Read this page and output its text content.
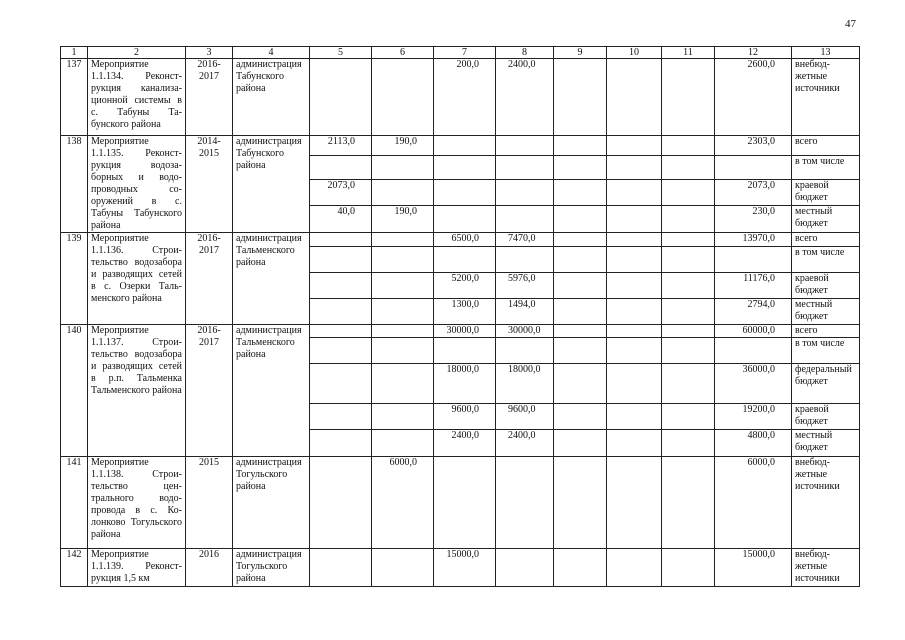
47
1	2	3	4	5	6	7	8	9	10	11	12	13
137	Мероприятие 1.1.134. Реконструкция канализационной системы в с. Табуны Табунского района	2016-2017	администрация Табунского района			200,0	2400,0				2600,0	внебюджетные источники
138	Мероприятие 1.1.135. Реконструкция водозаборных и водопроводных сооружений в с. Табуны Табунского района	2014-2015	администрация Табунского района	2113,0	190,0						2303,0	всего
												в том числе
				2073,0							2073,0	краевой бюджет
				40,0	190,0						230,0	местный бюджет
139	Мероприятие 1.1.136. Строительство водозабора и разводящих сетей в с. Озерки Тальменского района	2016-2017	администрация Тальменского района			6500,0	7470,0				13970,0	всего
												в том числе
						5200,0	5976,0				11176,0	краевой бюджет
						1300,0	1494,0				2794,0	местный бюджет
140	Мероприятие 1.1.137. Строительство водозабора и разводящих сетей в р.п. Тальменка Тальменского района	2016-2017	администрация Тальменского района			30000,0	30000,0				60000,0	всего
												в том числе
						18000,0	18000,0				36000,0	федеральный бюджет
						9600,0	9600,0				19200,0	краевой бюджет
						2400,0	2400,0				4800,0	местный бюджет
141	Мероприятие 1.1.138. Строительство центрального водопровода в с. Колонково Тогульского района	2015	администрация Тогульского района		6000,0						6000,0	внебюджетные источники
142	Мероприятие 1.1.139. Реконструкция 1,5 км	2016	администрация Тогульского района			15000,0					15000,0	внебюджетные источники
